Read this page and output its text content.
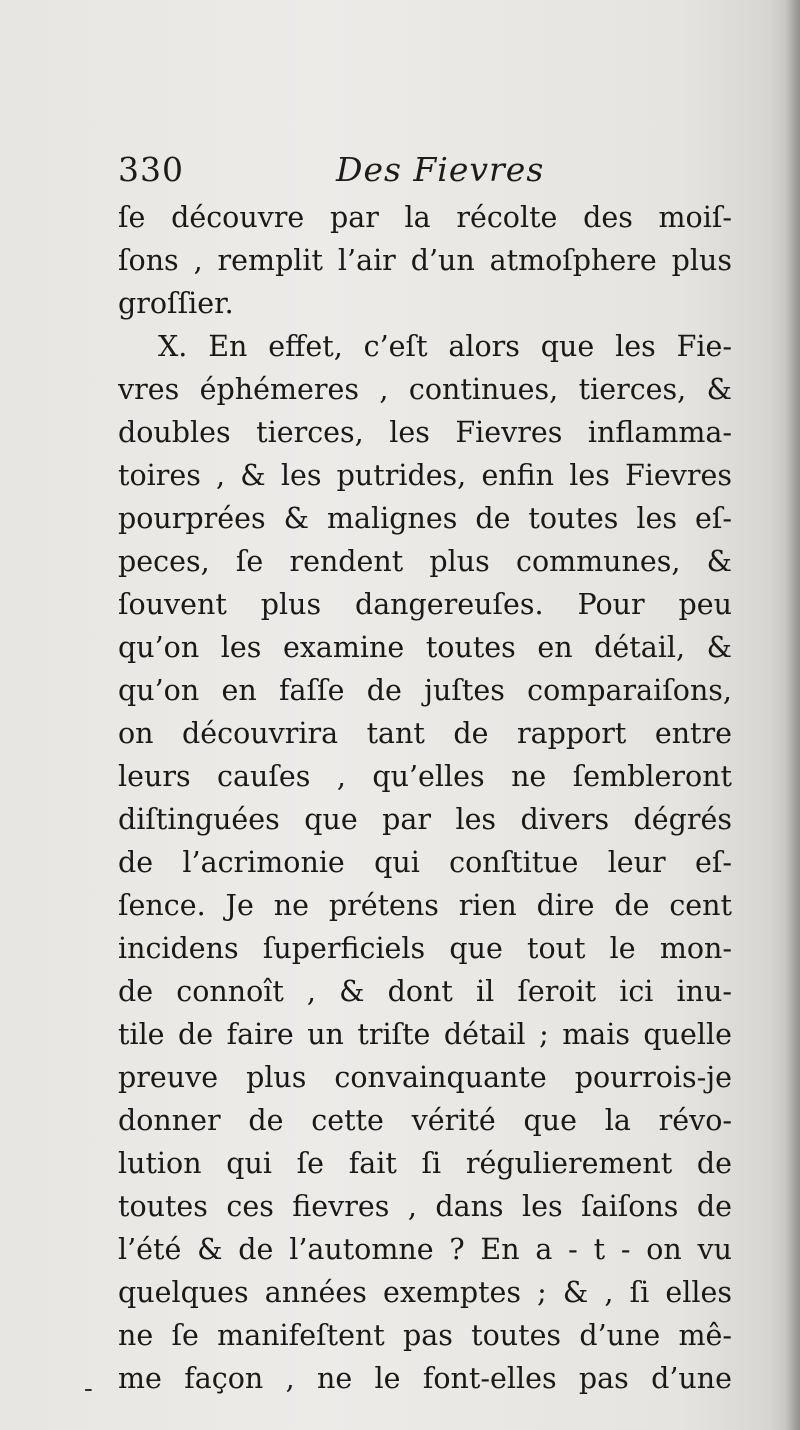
330	Des Fievres
ſe découvre par la récolte des moiſ-
ſons , remplit l’air d’un atmoſphere plus
groſſier.
X. En effet, c’eſt alors que les Fie-
vres éphémeres , continues, tierces, &
doubles tierces, les Fievres inflamma-
toires , & les putrides, enfin les Fievres
pourprées & malignes de toutes les eſ-
peces, ſe rendent plus communes, &
ſouvent plus dangereuſes. Pour peu
qu’on les examine toutes en détail, &
qu’on en faſſe de juſtes comparaiſons,
on découvrira tant de rapport entre
leurs cauſes , qu’elles ne ſembleront
diſtinguées que par les divers dégrés
de l’acrimonie qui conſtitue leur eſ-
ſence. Je ne prétens rien dire de cent
incidens ſuperficiels que tout le mon-
de connoît , & dont il ſeroit ici inu-
tile de faire un triſte détail ; mais quelle
preuve plus convainquante pourrois-je
donner de cette vérité que la révo-
lution qui ſe fait ſi régulierement de
toutes ces fievres , dans les ſaiſons de
l’été & de l’automne ? En a - t - on vu
quelques années exemptes ; & , ſi elles
ne ſe manifeſtent pas toutes d’une mê-
me façon , ne le font-elles pas d’une
-
